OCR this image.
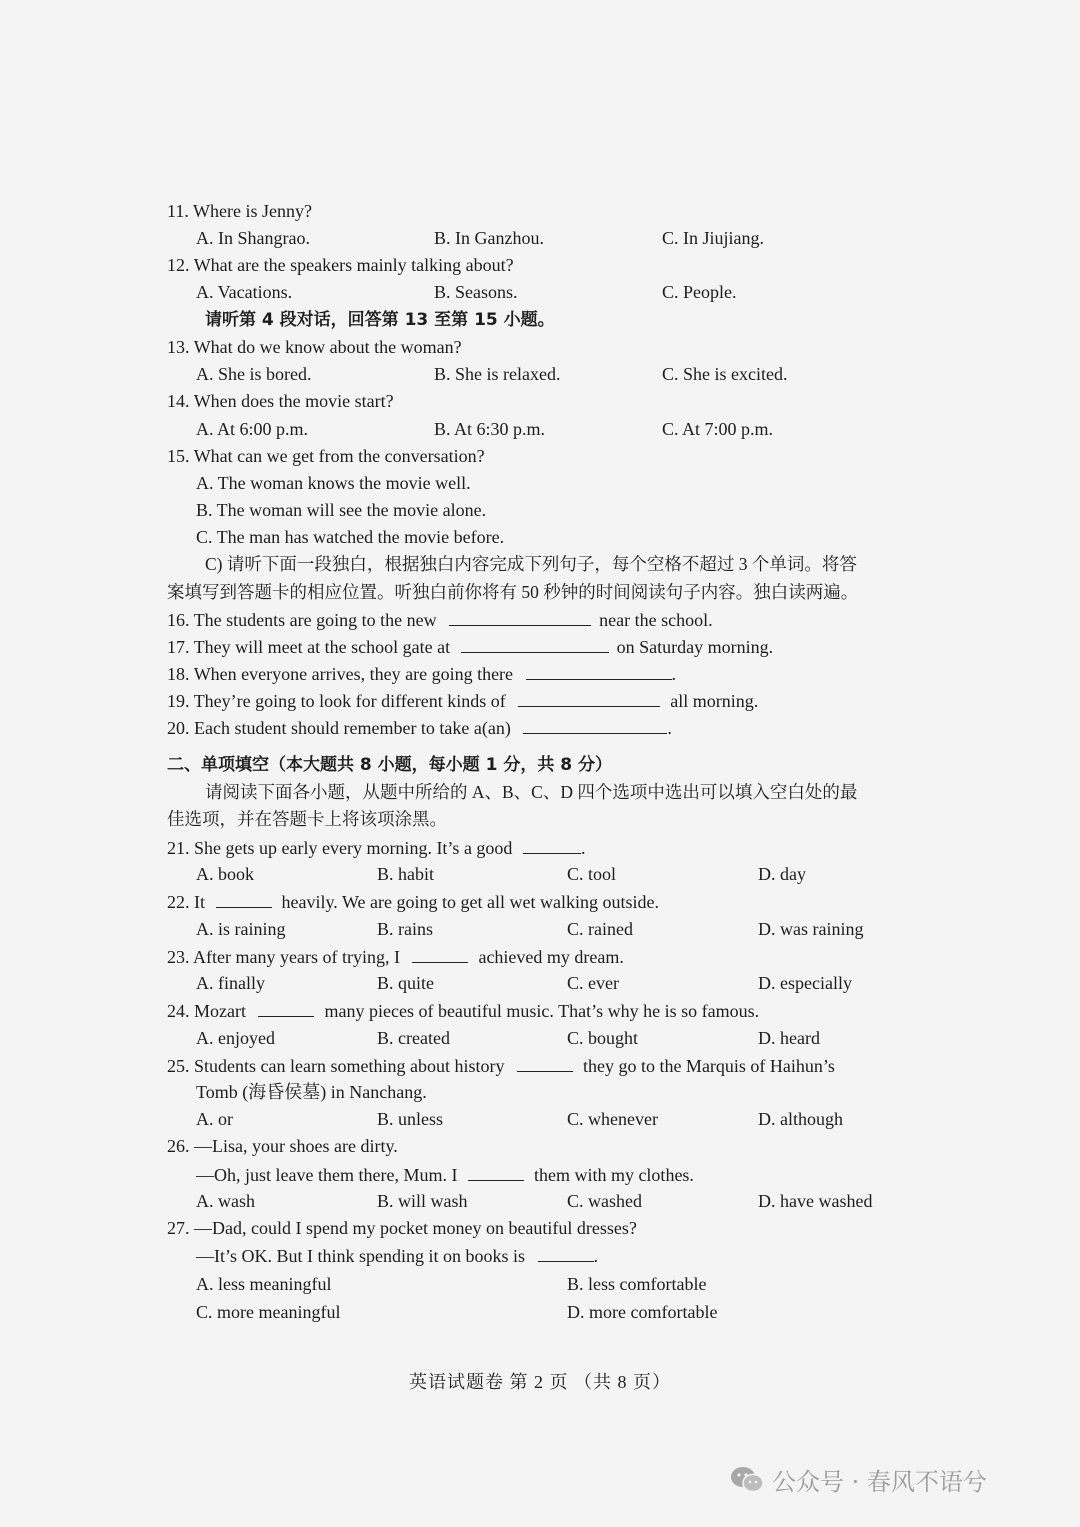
11. Where is Jenny?
A. In Shangrao.	B. In Ganzhou.	C. In Jiujiang.
12. What are the speakers mainly talking about?
A. Vacations.	B. Seasons.	C. People.
请听第 4 段对话，回答第 13 至第 15 小题。
13. What do we know about the woman?
A. She is bored.	B. She is relaxed.	C. She is excited.
14. When does the movie start?
A. At 6:00 p.m.	B. At 6:30 p.m.	C. At 7:00 p.m.
15. What can we get from the conversation?
A. The woman knows the movie well.
B. The woman will see the movie alone.
C. The man has watched the movie before.
C) 请听下面一段独白，根据独白内容完成下列句子，每个空格不超过 3 个单词。将答
案填写到答题卡的相应位置。听独白前你将有 50 秒钟的时间阅读句子内容。独白读两遍。
16. The students are going to the new	near the school.
17. They will meet at the school gate at	on Saturday morning.
18. When everyone arrives, they are going there	.
19. They’re going to look for different kinds of	all morning.
20. Each student should remember to take a(an)	.
二、单项填空（本大题共 8 小题，每小题 1 分，共 8 分）
请阅读下面各小题，从题中所给的 A、B、C、D 四个选项中选出可以填入空白处的最
佳选项，并在答题卡上将该项涂黑。
21. She gets up early every morning. It’s a good	.
A. book	B. habit	C. tool	D. day
22. It	heavily. We are going to get all wet walking outside.
A. is raining	B. rains	C. rained	D. was raining
23. After many years of trying, I	achieved my dream.
A. finally	B. quite	C. ever	D. especially
24. Mozart	many pieces of beautiful music. That’s why he is so famous.
A. enjoyed	B. created	C. bought	D. heard
25. Students can learn something about history	they go to the Marquis of Haihun’s
Tomb (海昏侯墓) in Nanchang.
A. or	B. unless	C. whenever	D. although
26. —Lisa, your shoes are dirty.
—Oh, just leave them there, Mum. I	them with my clothes.
A. wash	B. will wash	C. washed	D. have washed
27. —Dad, could I spend my pocket money on beautiful dresses?
—It’s OK. But I think spending it on books is	.
A. less meaningful	B. less comfortable
C. more meaningful	D. more comfortable
英语试题卷 第 2 页 （共 8 页）
公众号 · 春风不语兮
